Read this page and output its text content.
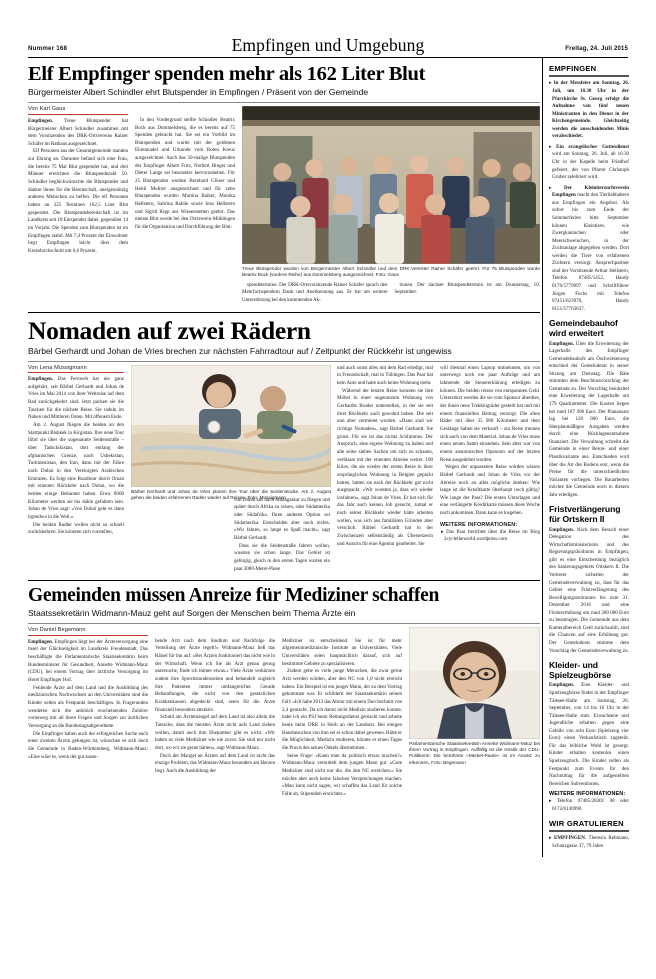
Nummer 168	Empfingen und Umgebung	Freitag, 24. Juli 2015
Elf Empfinger spenden mehr als 162 Liter Blut
Bürgermeister Albert Schindler ehrt Blutspender in Empfingen / Präsent von der Gemeinde
Von Karl Gaus

Empfingen. Treue Blutspender hat Bürgermeister Albert Schindler zusammen mit dem Vorsitzenden des DRK-Ortsvereins Rainer Schäfer im Rathaus ausgezeichnet.

Elf Personen aus der Gesamtgemeinde standen zur Ehrung an. Darunter befand sich eine Frau, die bereits 75 Mal Blut gespendet hat, und drei Männer erreichten die Blutspendezahl 50. Schindler beglückwünschte die Blutspender und dankte ihnen für die Bereitschaft, uneigennützig anderen Menschen zu helfen. Die elf Personen haben an 325 Terminen 162,5 Liter Blut gespendet. Die Blutspendebereitschaft ist im Landkreis seit 18 Entspender dabei, gegenüber 14 im Vorjahr. Die Spenden zum Blutspenden ist im Empfingen stabil. Mit 7,4 Prozent der Einwohner liegt Empfingen leicht über dem Kreisdurchschnitt mit 6,6 Prozent.

In den Vordergrund stellte Schindler Beatrix Bock aus Dommelsberg, die es bereits auf 75 Spenden gebracht hat. Sie sei ein Vorbild im Blutspenden und wurde mit der goldenen Ehrennadel und Urkunde vom Roten Kreuz ausgezeichnet. Auch das 50-malige Blutspenden der Empfinger Albert Fritz, Norbert Hinger und Dieter Lange sei besonders hervorzuheben. Für 25 Blutspenden wurden Bernhard Glöser und Heidi Molitor ausgezeichnet und für zehn Blutspenden wurden Martina Baiker, Monika Hellstern, Sabrina Rabile sowie Jens Hellstern und Sigrid Kipp aus Wiesenstetten geehrt. Das meiste Blut werde bei den Ortsverein-Mühlingen für die Organisation und Durchführung der Blut-

Treue Blutspender wurden von Bürgermeister Albert Schindler und dem DRK-Vertreter Rainer Schäfer geehrt. Für 75 Blutspenden wurde Beatrix Bock (vordere Reihe) aus Dommelsberg ausgezeichnet. Foto: Gaus

spendetermine. Der DRK-Ortsvorsitzende Rainer Schäfer sprach den Mehrfachspendern Dank und Anerkennung aus. Er bat um weitere Unterstützung bei den kommenden Ak-

tionen. Der nächste Blutspendetermin ist am Donnerstag, 10. September.

Nomaden auf zwei Rädern
Bärbel Gerhardt und Johan de Vries brechen zur nächsten Fahrradtour auf / Zeitpunkt der Rückkehr ist ungewiss
Von Lena Müssigmann

Empfingen. Das Fernweh hat nie ganz aufgehört, seit Bärbel Gerhardt und Johan de Vries im Mai 2014 von ihrer Weltreise auf dem Rad zurückgekehrt sind. Jetzt packen sie die Taschen für die nächste Reise. Sie radeln im Nahen und Mittleren Osten. Mit offenem Ende.

Am 2. August fliegen die beiden an den Startpunkt Bishkek in Kirgistan. Ihre neue Tour führt sie über die sogenannte Seidenstraße – über Tadschikistan, dort entlang der afghanischen Grenze, nach Usbekistan, Turkmenistan, den Iran, dann mit der Fähre nach Dubai in den Vereinigten Arabischen Emiraten. Es folgt eine Rundtour durch Oman mit erneuter Rückkehr nach Dubai, wo die beiden einige Bekannte haben. Etwa 8000 Kilometer werden sie bis dahin gefahren sein. Johan de Vries sagt: «Von Dubai geht es dann irgendwo in die Welt.»

Die beiden Radler wollen nicht so schnell zurückkehren. Sie könnten sich vorstellen,

Bärbel Gerhardt und Johan de Vries planen ihre Tour über die Seidenstraße. Am 2. August gehen die beiden erfahrenen Radler wieder auf Reisen. Foto: Müssigmann

von Dubai aus nach Madagaskar zu fliegen und später durch Afrika zu reisen, oder Südamerika oder Südafrika. Ihren anderen Option sei Südamerika. Entscheiden aber noch nichts. «Wir fahren, so lange es Spaß macht», sagt Bärbel Gerhardt.

Dass sie die Seidenstraße fahren wollen, wussten sie schon lange. Das Gebiet ist gebirgig, gleich in den ersten Tagen warten ein paar 3000-Meter-Pässe

und auch sonst alles mit dem Rad erledigt, mal in Freundschaft, mal in Tübingen. Das Paar hat kein Auto und hatte auch keine Wohnung mehr.

Während der letzten Reise konnten sie ihre Möbel in einer ungenutzten Wohnung von Gerhardts Bruder unterstellen, in der sie seit ihrer Rückkehr auch gewohnt haben. Die seit nun aber vermietet worden. «Dann sind wir richtige Nomaden», sagt Bärbel Gerhardt. Sie grinst. Für sie ist das nichts Schlimmes. Der Anspruch, eine eigene Wohnung zu haben und alle seine sieben Sachen um sich zu schauen, verblasst mit der erneuten Abreise weiter. 100 Kilos, die sie wieder der ersten Reise in ihrer ursprünglichen Wohnung in Belgien gepackt hatten, hatten sie nach der Rückkehr gar nicht ausgepackt. «Wir wussten ja, dass wir wieder losfahren», sagt Johan de Vries. Er hat sich für das Jahr auch keinen Job gesucht, zumal er nach seiner Rückkehr wieder hätte arbeiten wollen, was sich aus familiären Gründen aber verschob. Bärbel Gerhardt hat in der Zwischenzeit selbstständig als Übersetzerin und Autorin für eine Agentur gearbeitet. Sie

will diesmal einen Laptop mitnehmen, um von unterwegs noch ein paar Aufträge und am lahmende die Steuererklärung erledigen zu können. Die beiden reisen von entspannten Geld. Unterstützt werden die sie vom Sponsor überdies, der ihnen neue Trekkingräder gestellt hat und mit einem finanziellen Beitrag versorgt. Die alten Räder mit über 35 000 Kilometer und dem Gestänge haben sie verkauft – zur Reise trennen sich auch von dem Material. Johan de Vries muss einen neuen Sattel einstehen. Sein alter war von einem anatomischen Opossum auf der letzten Reise ausgedehnt worden.

Wegen der unpassenen Reise würden wissen Bärbel Gerhardt und Johan de Vries vor der Abreise noch an alles mögliche denken: Wie lange ist die Kreditkarte überhaupt noch gültig? Wie lange der Pass? Die ersten Unterlagen und eine verlängerte Kreditkarte müssen diese Woche noch ankommen. Dann kann es losgehen.

WEITERE INFORMATIONEN:
▸ Das Paar berichtet über die Reise im Blog 2cycletheworld.wordpress.com
Gemeinden müssen Anreize für Mediziner schaffen
Staatssekretärin Widmann-Mauz geht auf Sorgen der Menschen beim Thema Ärzte ein
Von Daniel Begemann

Empfingen. Empfingen liegt bei der Ärzteversorgung eine Insel der Glückseligkeit im Landkreis Freudenstadt. Das beschäftigte die Parlamentarische Staatssekretärin beim Bundesminister für Gesundheit, Annette Widmann-Mauz (CDU), bei einem Vortrag über ärztliche Versorgung im Hotel Empfinger Hof.

Fehlende Ärzte auf dem Land und die Ausbildung des medizinischen Nachwuchses an den Universitäten sind die Kinder sollen als Festpunkt beschäftigen. In Fragerunden wendeten sich die anhörich erscheinenden Zuhörer vorneweg mit all ihren Fragen und Sorgen zur ärztlichen Versorgung an die Bundestagsabgeordnete.

Die Empfinger haben auch der erfolgreichen Suche nach einer zweiten Ärztin gelungen ist, wünschen es sich doch die Gemeinde in Baden-Württemberg. Widmann-Mauz: «Eine wäre es, wenn der gut ausse-

hende Arzt nach dem Studium und Nachfolge die Verteilung der Ärzte regelt!» Widmann-Mauz ließ das Rätsel für ihn auf: «Bei Ärzten funktioniert das nicht wie in der Wirtschaft. Wenn ich Sie als Arzt genau genug untersuche, finde ich immer etwas.» Viele Ärzte verkürzen zudem ihre Sprechstundenzeiten und behandelt zugleich ihre Patienten immer umfangreicher. Gerade Behandlungen, die nicht von den gesetzlichen Krankenkassen abgedeckt sind, seien für die Ärzte finanziell besonders attraktiv.

Schuld am Ärztemangel auf dem Land ist also allein die Tatsache, dass die meisten Ärzte nicht aufs Land ziehen wollen, damit auch ihre Ehepartner gibt es nicht. «Wir haben so viele Mediziner wie nie zuvor. Sie sind nur nicht dort, wo wir sie gerne hätten», sagt Widmann-Mauz.

Doch der Mangel an Ärzten auf dem Land ist nicht das einzige Problem, das Widmann-Mauz besonders am Herzen liegt. Auch die Ausbildung der

Mediziner ist entscheidend. Sie ist für mehr allgemeinmedizinische Institute an Universitäten. Viele Universitäten seien hauptsächlich darauf, sich auf bestimmte Gebiete zu spezialisieren.

Zudem gebe es viele junge Menschen, die zwar gerne Arzt werden würden, aber den NC von 1,0 nicht erreicht haben. Ein Beispiel ist ein junger Mann, der zu dem Vortrag gekommen war. Er schilderit der Staatssekretärin seinen Fall: «Ich habe 2012 das Abitur mit einem Durchschnitt von 2,4 gemacht. Da ich damit nicht Medizin studieren konnte, habe ich ein PSJ beim Rettungsdienst gemacht und arbeite heute beim DRK in Horb an der Landarzt. Bei einigen Hausbesuchen von ihm sei er schon dabei gewesen. Hätte er die Möglichkeit, Medizin studieren, könnte er einen Tages die Praxis des seines Onkels übernehmen.

Seine Frage: «Kann man da politisch etwas machen?» Widmann-Mauz vermittelt dem jungen Mann gut. «Gute Mediziner sind nicht nur die, die den NC erreichen.» Sie möchte aber auch keine falschen Versprechungen machen. «Man kann nicht sagen, wir schaffen das Land für solche Fälle ab, Stipendien einrichtet.»

Parlamentarische Staatssekretärin Annette Widmann-Mauz bei ihrem Vortrag in Empfingen. Auffällig ist die Gestik der CDU-Politikerin: Die berühmte «Merkel-Raute» ist im Ansatz zu erkennen. Foto: Begemann
EMPFINGEN

▸ In der Messfeier am Sonntag, 26. Juli, um 10.30 Uhr in der Pfarrkirche St. Georg erfolgt die Aufnahme von fünf neuen Ministranten in den Dienst in der Kirchengemeinde. Gleichzeitig werden die ausscheidenden Minis verabschiedet.

▸ Ein evangelischer Gottesdienst wird am Sonntag, 26. Juli, ab 10.30 Uhr in der Kapelle beim Friedhof gefeiert, der von Pfarrer Christoph Gruber zelebriert wird.

▸ Der Kleintierzuchtverein Empfingen macht den Tierliebhabern aus Empfingen ein Angebot. Als sofort bis zum Ende der Sommerferien bitte September können Kleintiere, wie Zwergkaninchen oder Meerschweinchen, in der Zuchtanlage abgegeben werden. Dort werden die Tiere von erfahrenen Züchtern versorgt. Ansprechpartner sind der Vorsitzende Arthur Hellstern, Telefon 07485/1452, Handy 0170/5779997 und Schriftführer Jürgen Fuchs mit Telefon 07451/623976, Handy 0151/57763637.

Gemeindebauhof wird erweitert

Empfingen. Über die Erweiterung der Lagerhalle des Empfinger Gemeindebauhofs am Öschwiesenweg entschied der Gemeinderat in seiner Sitzung am Dienstag. Die Räte stimmten dem Beschlussvorschlag der Gemeinde zu. Der Vorschlag beinhaltet eine Erweiterung der Lagerhalle um 179 Quadratmeter. Die Kosten liegen bei rund 187 306 Euro. Der Planansatz lag bei 120 000 Euro, die überplanmäßigen Ausgaben werden durch eine Rücklagenentnahme finanziert. Die Verwaltung schreibt die Gemeinde in einer Beton- und einer Plastikvariante aus. Entschieden wird über die Art des Bodens erst, wenn die Preise für die unterschiedlichen Varianten vorliegen. Die Bauarbeiten möchte die Gemeinde noch in diesem Jahr erledigen.

Fristverlängerung für Ortskern II

Empfingen. Nach dem Besuch einer Delegation des Wirtschaftsministeriums und des Regierungspräsidiums in Empfingen, gibt es eine Entscheidung bezüglich des Sanierungsgebiets Ortskern II. Die Vertreter sicherten der Gemeindeverwaltung zu, dass für das Gebiet eine Fristverlängerung des Bewilligungszeitraums bis zum 31. Dezember 2016 und eine Fördererhöhung um rund 300 000 Euro zu beantragen. Die Gemeinde aus dem Kameralbereich Geld zurückzahlt, sind die Chancen auf eine Erhöhung gut. Der Gemeinderat stimmte dem Vorschlag der Gemeindeverwaltung zu.

Kleider- und Spielzeugbörse

Empfingen. Eine Kleider- und Spielzeugbörse findet in der Empfinger Tälesee-Halle am Samstag, 26. September, von 14 bis 16 Uhr in der Tälesee-Halle statt. Erwachsene und Jugendliche erhalten gegen eine Gebühr von acht Euro (Spielzeug vier Euro) einen Verkaufstisch zugeteilt. Für das leibliche Wohl ist gesorgt. Kinder erhalten kostenlos einen Spielzeugtisch. Die Kinder sollen als Festpunkt zum Events für den Nachmittag für die aufgestellten Bereichen Subventionen.

WEITERE INFORMATIONEN:

▸ Telefon 07485/28301 48 oder 0172/6140990.

WIR GRATULIEREN

▸ EMPFINGEN. Theresia Rebmann, Schanzgasse 37, 79 Jahre.
